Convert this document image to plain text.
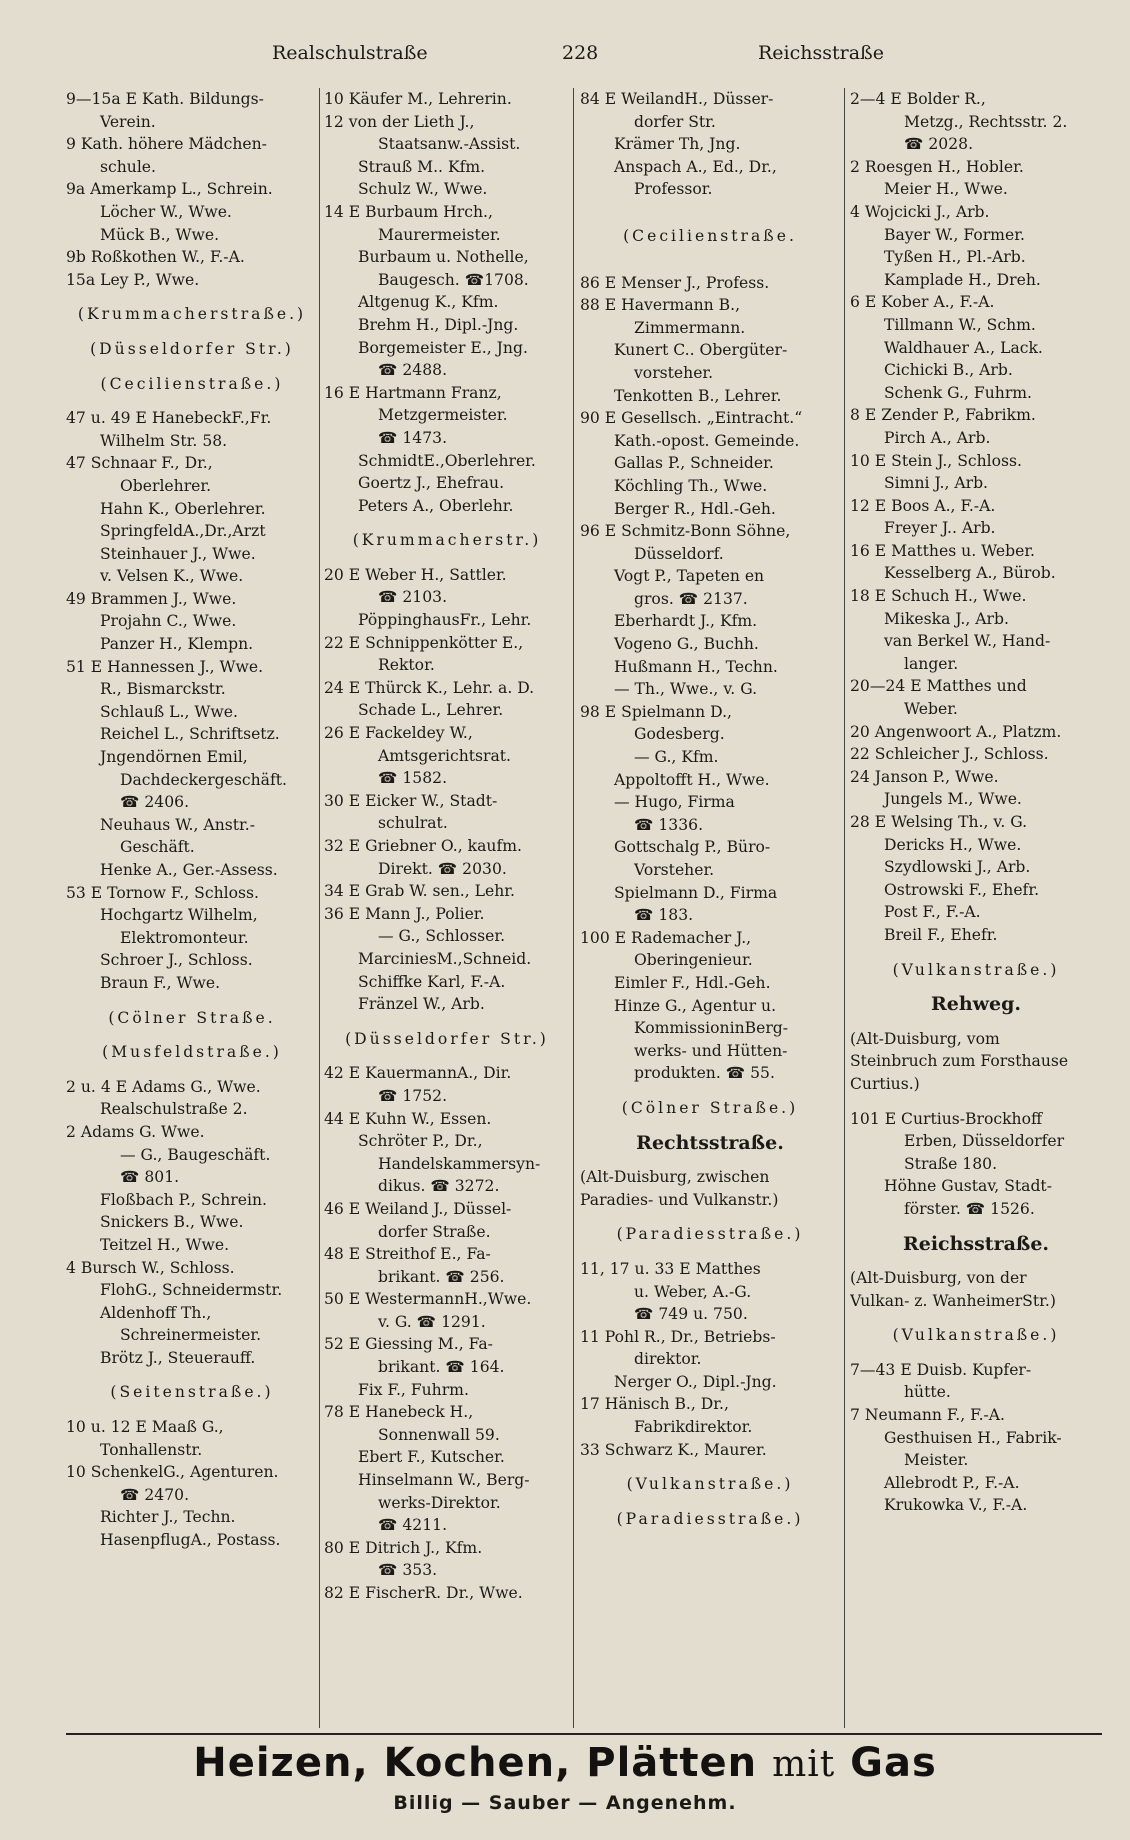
Realschulstraße	228	Reichsstraße
9—15a E Kath. Bildungs-
Verein.
9 Kath. höhere Mädchen-
schule.
9a Amerkamp L., Schrein.
Löcher W., Wwe.
Mück B., Wwe.
9b Roßkothen W., F.-A.
15a Ley P., Wwe.
(Krummacherstraße.)
(Düsseldorfer Str.)
(Cecilienstraße.)
47 u. 49 E HanebeckF.,Fr.
Wilhelm Str. 58.
47 Schnaar F., Dr.,
Oberlehrer.
Hahn K., Oberlehrer.
SpringfeldA.,Dr.,Arzt
Steinhauer J., Wwe.
v. Velsen K., Wwe.
49 Brammen J., Wwe.
Projahn C., Wwe.
Panzer H., Klempn.
51 E Hannessen J., Wwe.
R., Bismarckstr.
Schlauß L., Wwe.
Reichel L., Schriftsetz.
Jngendörnen Emil,
Dachdeckergeschäft.
☎ 2406.
Neuhaus W., Anstr.-
Geschäft.
Henke A., Ger.-Assess.
53 E Tornow F., Schloss.
Hochgartz Wilhelm,
Elektromonteur.
Schroer J., Schloss.
Braun F., Wwe.
(Cölner Straße.
(Musfeldstraße.)
2 u. 4 E Adams G., Wwe.
Realschulstraße 2.
2 Adams G. Wwe.
— G., Baugeschäft.
☎ 801.
Floßbach P., Schrein.
Snickers B., Wwe.
Teitzel H., Wwe.
4 Bursch W., Schloss.
FlohG., Schneidermstr.
Aldenhoff Th.,
Schreinermeister.
Brötz J., Steuerauff.
(Seitenstraße.)
10 u. 12 E Maaß G.,
Tonhallenstr.
10 SchenkelG., Agenturen.
☎ 2470.
Richter J., Techn.
HasenpflugA., Postass.
10 Käufer M., Lehrerin.
12 von der Lieth J.,
Staatsanw.-Assist.
Strauß M.. Kfm.
Schulz W., Wwe.
14 E Burbaum Hrch.,
Maurermeister.
Burbaum u. Nothelle,
Baugesch. ☎1708.
Altgenug K., Kfm.
Brehm H., Dipl.-Jng.
Borgemeister E., Jng.
☎ 2488.
16 E Hartmann Franz,
Metzgermeister.
☎ 1473.
SchmidtE.,Oberlehrer.
Goertz J., Ehefrau.
Peters A., Oberlehr.
(Krummacherstr.)
20 E Weber H., Sattler.
☎ 2103.
PöppinghausFr., Lehr.
22 E Schnippenkötter E.,
Rektor.
24 E Thürck K., Lehr. a. D.
Schade L., Lehrer.
26 E Fackeldey W.,
Amtsgerichtsrat.
☎ 1582.
30 E Eicker W., Stadt-
schulrat.
32 E Griebner O., kaufm.
Direkt. ☎ 2030.
34 E Grab W. sen., Lehr.
36 E Mann J., Polier.
— G., Schlosser.
MarciniesM.,Schneid.
Schiffke Karl, F.-A.
Fränzel W., Arb.
(Düsseldorfer Str.)
42 E KauermannA., Dir.
☎ 1752.
44 E Kuhn W., Essen.
Schröter P., Dr.,
Handelskammersyn-
dikus. ☎ 3272.
46 E Weiland J., Düssel-
dorfer Straße.
48 E Streithof E., Fa-
brikant. ☎ 256.
50 E WestermannH.,Wwe.
v. G. ☎ 1291.
52 E Giessing M., Fa-
brikant. ☎ 164.
Fix F., Fuhrm.
78 E Hanebeck H.,
Sonnenwall 59.
Ebert F., Kutscher.
Hinselmann W., Berg-
werks-Direktor.
☎ 4211.
80 E Ditrich J., Kfm.
☎ 353.
82 E FischerR. Dr., Wwe.
84 E WeilandH., Düsser-
dorfer Str.
Krämer Th, Jng.
Anspach A., Ed., Dr.,
Professor.
(Cecilienstraße.
86 E Menser J., Profess.
88 E Havermann B.,
Zimmermann.
Kunert C.. Obergüter-
vorsteher.
Tenkotten B., Lehrer.
90 E Gesellsch. „Eintracht.“
Kath.-opost. Gemeinde.
Gallas P., Schneider.
Köchling Th., Wwe.
Berger R., Hdl.-Geh.
96 E Schmitz-Bonn Söhne,
Düsseldorf.
Vogt P., Tapeten en
gros. ☎ 2137.
Eberhardt J., Kfm.
Vogeno G., Buchh.
Hußmann H., Techn.
— Th., Wwe., v. G.
98 E Spielmann D.,
Godesberg.
— G., Kfm.
Appoltofft H., Wwe.
— Hugo, Firma
☎ 1336.
Gottschalg P., Büro-
Vorsteher.
Spielmann D., Firma
☎ 183.
100 E Rademacher J.,
Oberingenieur.
Eimler F., Hdl.-Geh.
Hinze G., Agentur u.
KommissioninBerg-
werks- und Hütten-
produkten. ☎ 55.
(Cölner Straße.)
Rechtsstraße.
(Alt-Duisburg, zwischen
Paradies- und Vulkanstr.)
(Paradiesstraße.)
11, 17 u. 33 E Matthes
u. Weber, A.-G.
☎ 749 u. 750.
11 Pohl R., Dr., Betriebs-
direktor.
Nerger O., Dipl.-Jng.
17 Hänisch B., Dr.,
Fabrikdirektor.
33 Schwarz K., Maurer.
(Vulkanstraße.)
(Paradiesstraße.)
2—4 E Bolder R.,
Metzg., Rechtsstr. 2.
☎ 2028.
2 Roesgen H., Hobler.
Meier H., Wwe.
4 Wojcicki J., Arb.
Bayer W., Former.
Tyßen H., Pl.-Arb.
Kamplade H., Dreh.
6 E Kober A., F.-A.
Tillmann W., Schm.
Waldhauer A., Lack.
Cichicki B., Arb.
Schenk G., Fuhrm.
8 E Zender P., Fabrikm.
Pirch A., Arb.
10 E Stein J., Schloss.
Simni J., Arb.
12 E Boos A., F.-A.
Freyer J.. Arb.
16 E Matthes u. Weber.
Kesselberg A., Bürob.
18 E Schuch H., Wwe.
Mikeska J., Arb.
van Berkel W., Hand-
langer.
20—24 E Matthes und
Weber.
20 Angenwoort A., Platzm.
22 Schleicher J., Schloss.
24 Janson P., Wwe.
Jungels M., Wwe.
28 E Welsing Th., v. G.
Dericks H., Wwe.
Szydlowski J., Arb.
Ostrowski F., Ehefr.
Post F., F.-A.
Breil F., Ehefr.
(Vulkanstraße.)
Rehweg.
(Alt-Duisburg, vom
Steinbruch zum Forsthause
Curtius.)
101 E Curtius-Brockhoff
Erben, Düsseldorfer
Straße 180.
Höhne Gustav, Stadt-
förster. ☎ 1526.
Reichsstraße.
(Alt-Duisburg, von der
Vulkan- z. WanheimerStr.)
(Vulkanstraße.)
7—43 E Duisb. Kupfer-
hütte.
7 Neumann F., F.-A.
Gesthuisen H., Fabrik-
Meister.
Allebrodt P., F.-A.
Krukowka V., F.-A.
Heizen, Kochen, Plätten mit Gas
Billig — Sauber — Angenehm.
